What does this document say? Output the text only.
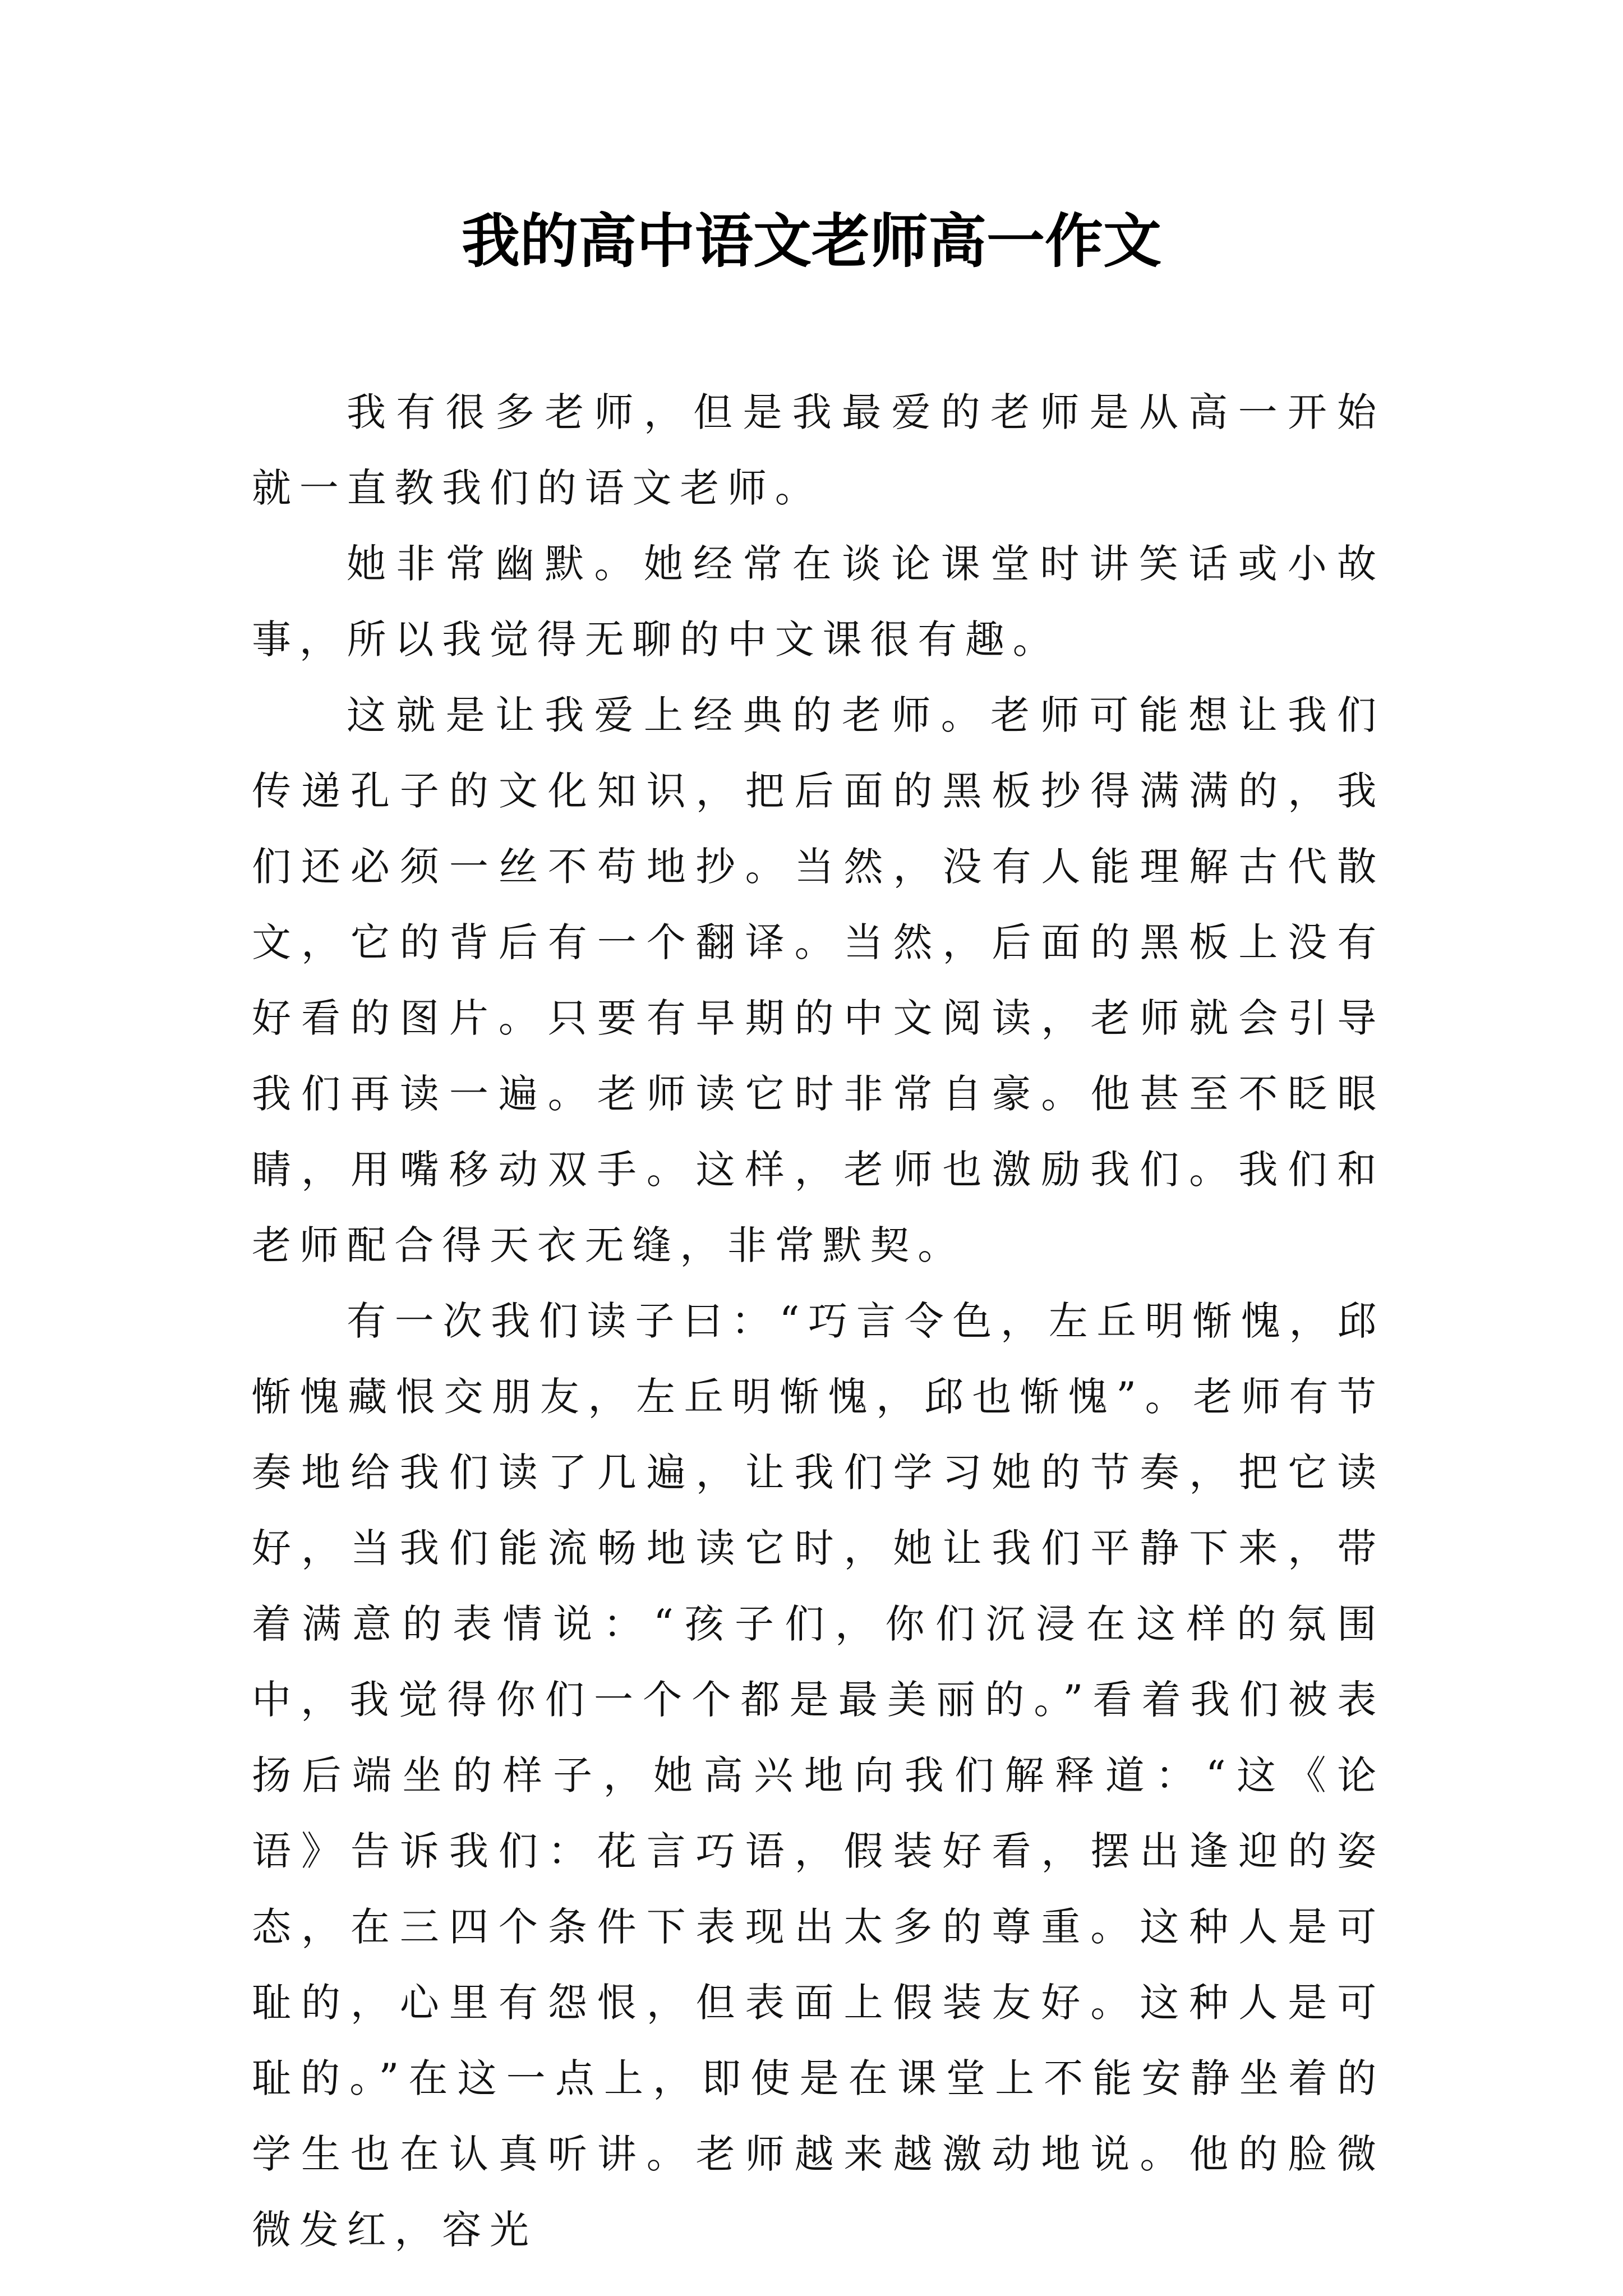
我的高中语文老师高一作文

我有很多老师，但是我最爱的老师是从高一开始就一直教我们的语文老师。

她非常幽默。她经常在谈论课堂时讲笑话或小故事，所以我觉得无聊的中文课很有趣。

这就是让我爱上经典的老师。老师可能想让我们传递孔子的文化知识，把后面的黑板抄得满满的，我们还必须一丝不苟地抄。当然，没有人能理解古代散文，它的背后有一个翻译。当然，后面的黑板上没有好看的图片。只要有早期的中文阅读，老师就会引导我们再读一遍。老师读它时非常自豪。他甚至不眨眼睛，用嘴移动双手。这样，老师也激励我们。我们和老师配合得天衣无缝，非常默契。

有一次我们读子曰：“巧言令色，左丘明惭愧，邱惭愧藏恨交朋友，左丘明惭愧，邱也惭愧”。老师有节奏地给我们读了几遍，让我们学习她的节奏，把它读好，当我们能流畅地读它时，她让我们平静下来，带着满意的表情说：“孩子们，你们沉浸在这样的氛围中，我觉得你们一个个都是最美丽的。”看着我们被表扬后端坐的样子，她高兴地向我们解释道：“这《论语》告诉我们：花言巧语，假装好看，摆出逢迎的姿态，在三四个条件下表现出太多的尊重。这种人是可耻的，心里有怨恨，但表面上假装友好。这种人是可耻的。”在这一点上，即使是在课堂上不能安静坐着的学生也在认真听讲。老师越来越激动地说。他的脸微微发红，容光
